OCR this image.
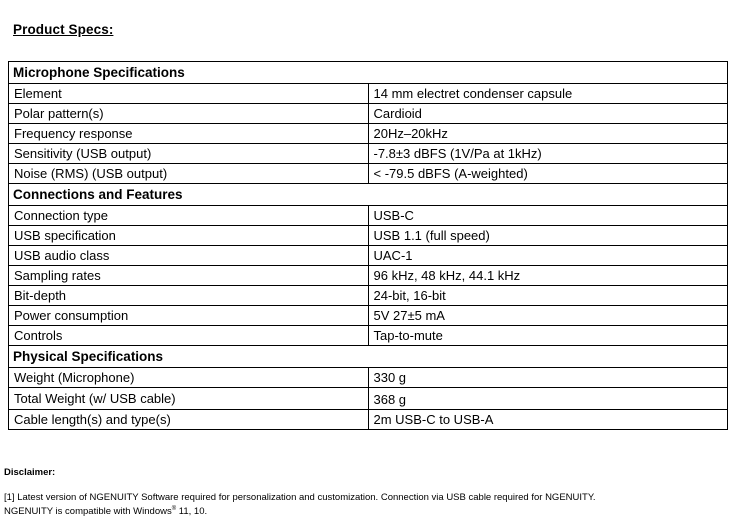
Product Specs:
Microphone Specifications	
Element	14 mm electret condenser capsule
Polar pattern(s)	Cardioid
Frequency response	20Hz–20kHz
Sensitivity (USB output)	-7.8±3 dBFS (1V/Pa at 1kHz)
Noise (RMS) (USB output)	< -79.5 dBFS (A-weighted)
Connections and Features	
Connection type	USB-C
USB specification	USB 1.1 (full speed)
USB audio class	UAC-1
Sampling rates	96 kHz, 48 kHz, 44.1 kHz
Bit-depth	24-bit, 16-bit
Power consumption	5V 27±5 mA
Controls	Tap-to-mute
Physical Specifications	
Weight (Microphone)	330 g
Total Weight (w/ USB cable)	368 g
Cable length(s) and type(s)	2m USB-C to USB-A
Disclaimer:

[1] Latest version of NGENUITY Software required for personalization and customization. Connection via USB cable required for NGENUITY.

NGENUITY is compatible with Windows® 11, 10.
